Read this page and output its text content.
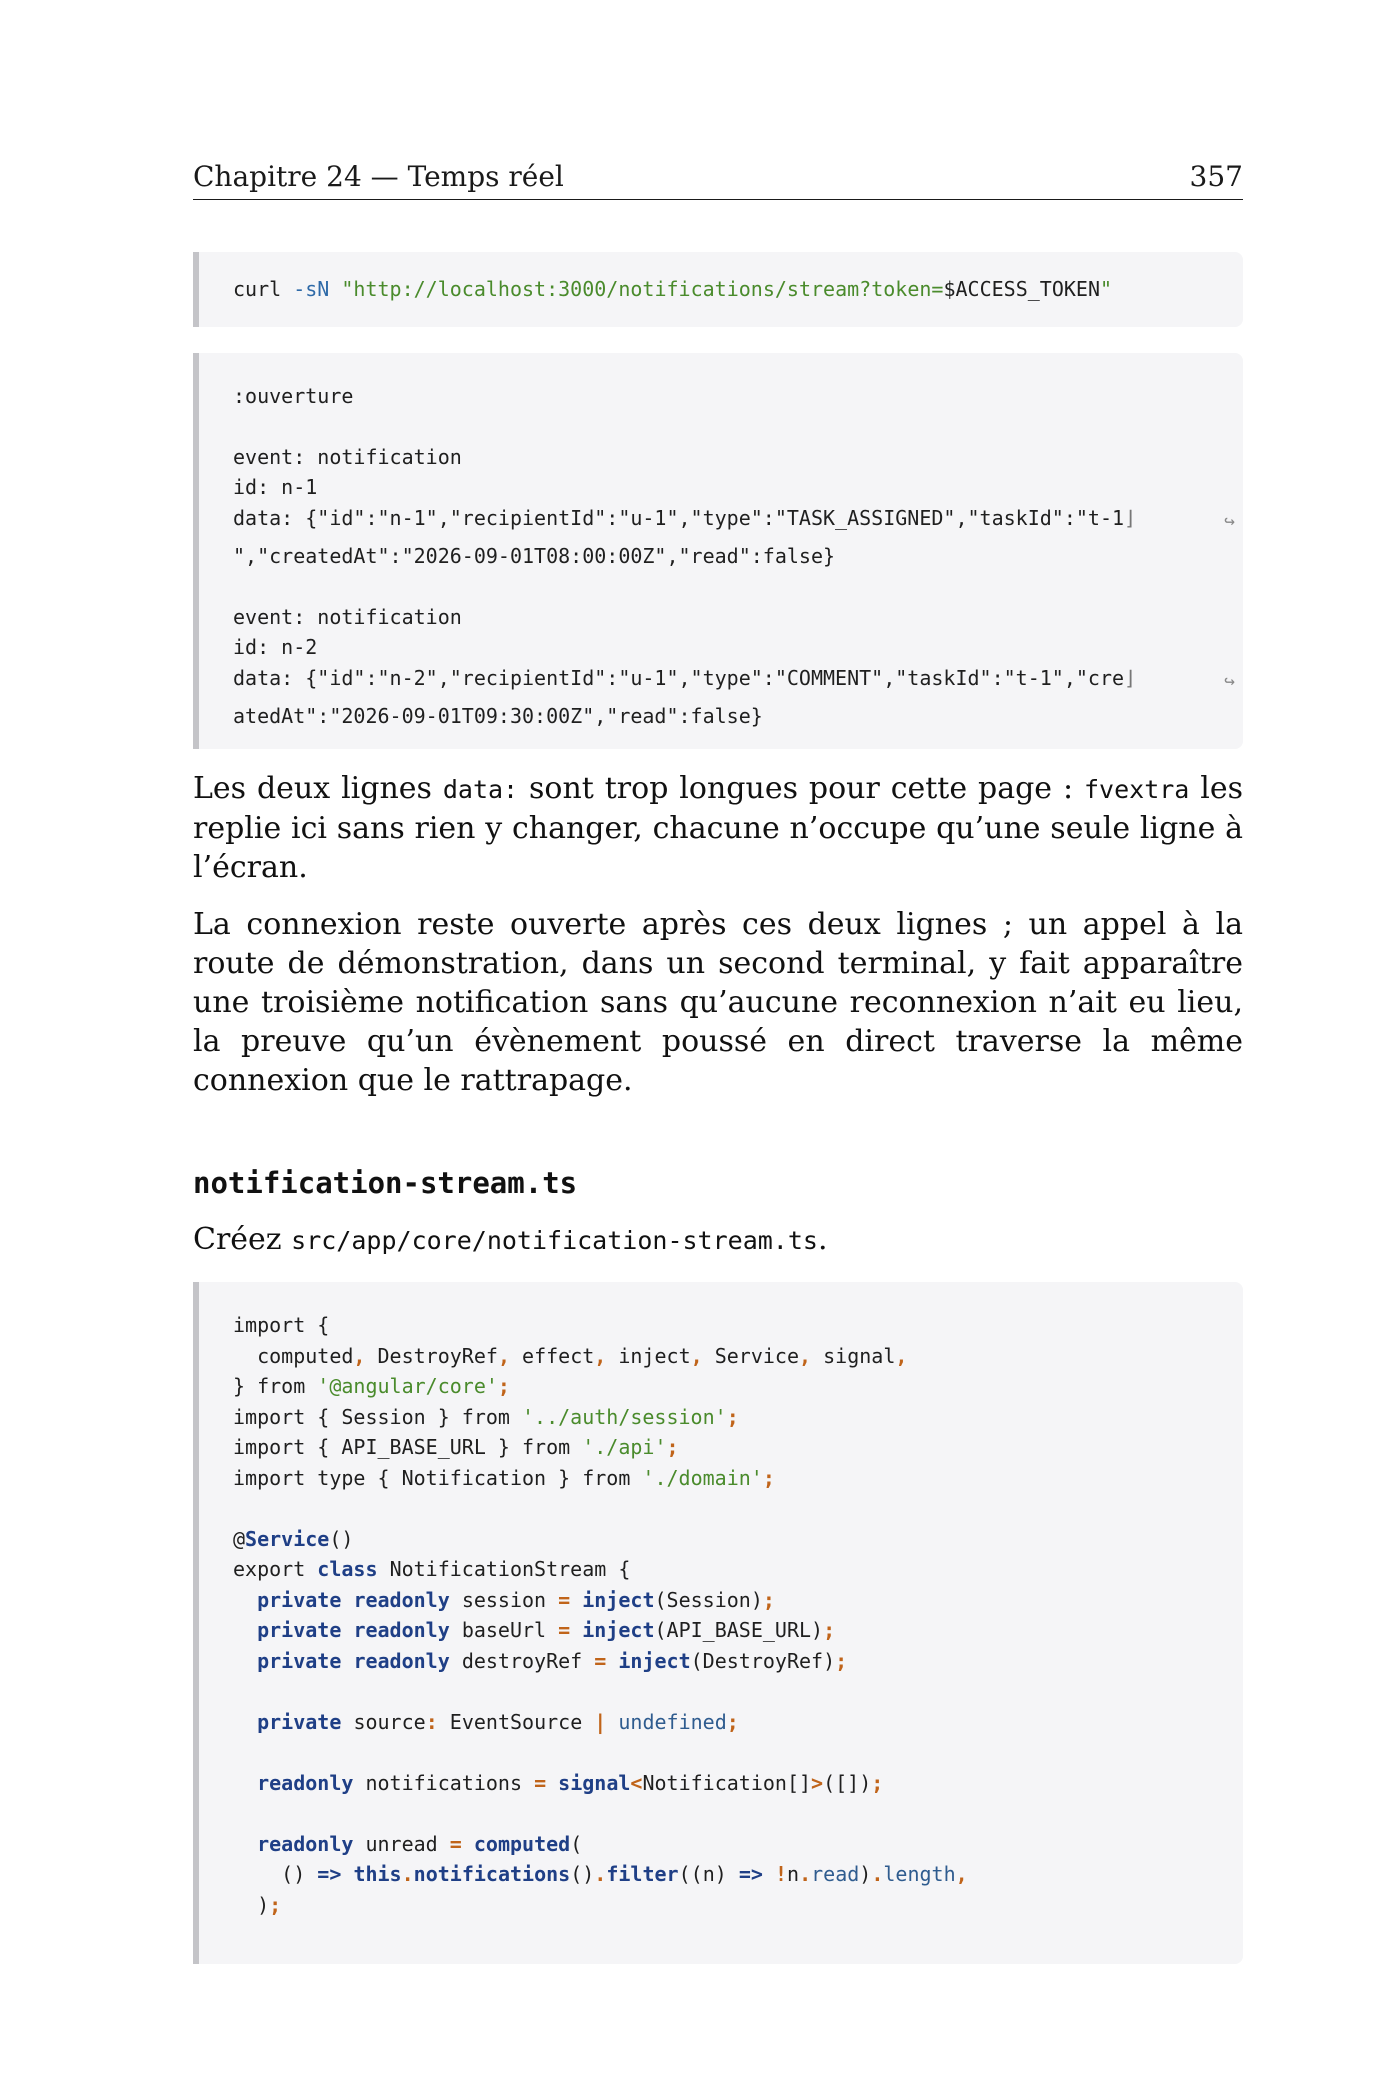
Chapitre 24 — Temps réel	357
curl -sN "http://localhost:3000/notifications/stream?token=$ACCESS_TOKEN"
:ouverture
event: notification
id: n-1
data: {"id":"n-1","recipientId":"u-1","type":"TASK_ASSIGNED","taskId":"t-1⌋	↪
","createdAt":"2026-09-01T08:00:00Z","read":false}
event: notification
id: n-2
data: {"id":"n-2","recipientId":"u-1","type":"COMMENT","taskId":"t-1","cre⌋	↪
atedAt":"2026-09-01T09:30:00Z","read":false}

Les deux lignes data: sont trop longues pour cette page : fvextra les replie ici sans rien y changer, chacune n’occupe qu’une seule ligne à l’écran.

La connexion reste ouverte après ces deux lignes ; un appel à la route de démonstration, dans un second terminal, y fait apparaître une troisième notification sans qu’aucune reconnexion n’ait eu lieu, la preuve qu’un évènement poussé en direct traverse la même connexion que le rattrapage.

notification-stream.ts

Créez src/app/core/notification-stream.ts.

import {
computed, DestroyRef, effect, inject, Service, signal,
} from '@angular/core';
import { Session } from '../auth/session';
import { API_BASE_URL } from './api';
import type { Notification } from './domain';
@Service()
export class NotificationStream {
private readonly session = inject(Session);
private readonly baseUrl = inject(API_BASE_URL);
private readonly destroyRef = inject(DestroyRef);
private source: EventSource | undefined;
readonly notifications = signal<Notification[]>([]);
readonly unread = computed(
() => this.notifications().filter((n) => !n.read).length,
);
